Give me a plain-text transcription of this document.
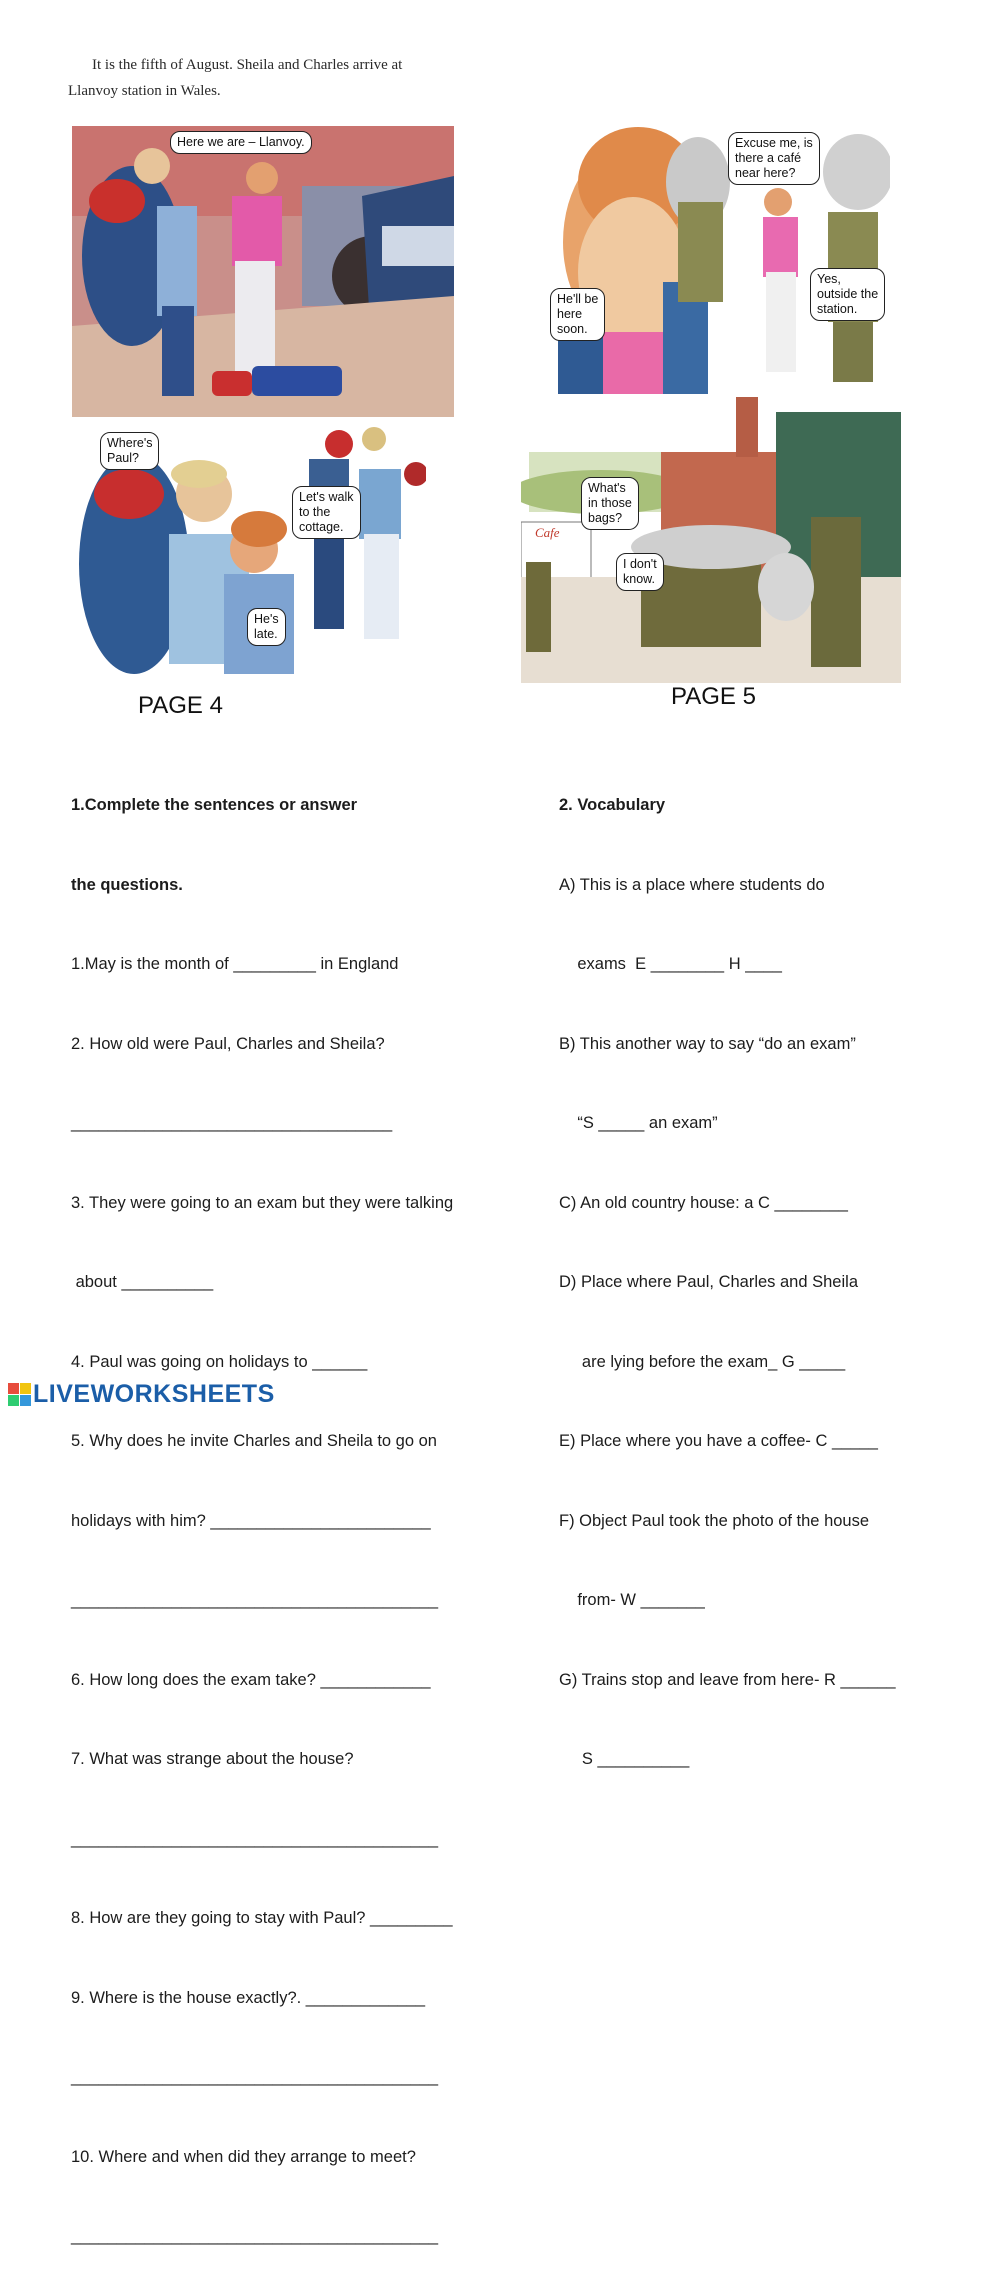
It is the fifth of August. Sheila and Charles arrive at
Llanvoy station in Wales.
Here we are – Llanvoy.
Where's
Paul?
Let's walk
to the
cottage.
He's
late.
Excuse me, is
there a café
near here?
He'll be
here
soon.
Yes,
outside the
station.
What's
in those
bags?
I don't
know.
Cafe
PAGE 4	PAGE 5

1.Complete the sentences or answer

the questions.

1.May is the month of _________ in England

2. How old were Paul, Charles and Sheila?

___________________________________

3. They were going to an exam but they were talking

about __________

4. Paul was going on holidays to ______

5. Why does he invite Charles and Sheila to go on

holidays with him? ________________________

________________________________________

6. How long does the exam take? ____________

7. What was strange about the house?

________________________________________

8. How are they going to stay with Paul? _________

9. Where is the house exactly?. _____________

________________________________________

10. Where and when did they arrange to meet?

________________________________________

2. Vocabulary

A) This is a place where students do

exams  E ________ H ____

B) This another way to say “do an exam”

“S _____ an exam”

C) An old country house: a C ________

D) Place where Paul, Charles and Sheila

are lying before the exam_ G _____

E) Place where you have a coffee- C _____

F) Object Paul took the photo of the house

from- W _______

G) Trains stop and leave from here- R ______

S __________

LIVEWORKSHEETS
